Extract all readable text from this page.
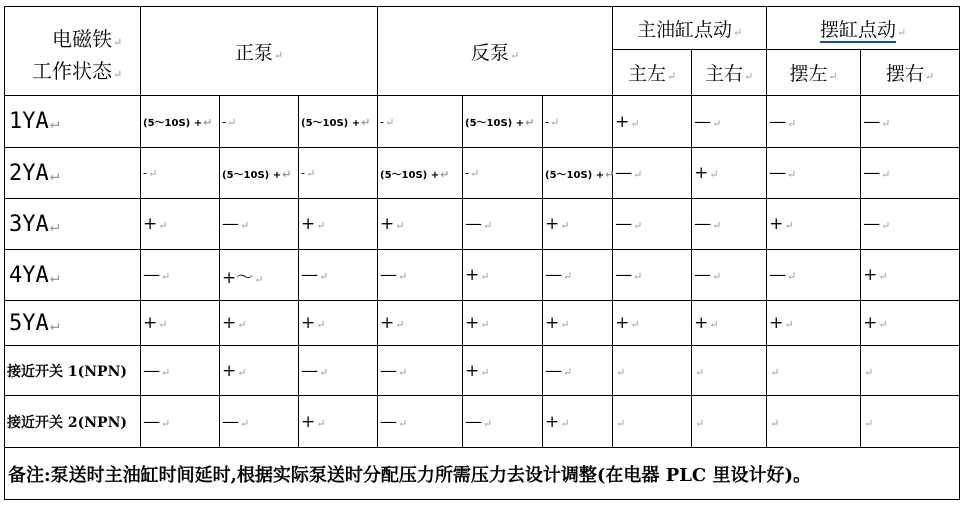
电磁铁↵
工作状态↵	正泵↵			反泵↵			主油缸点动↵		摆缸点动↵	
							主左↵	主右↵	摆左↵	摆右↵
1YA↵	(5～10S) +↵	-↵	(5～10S) +↵	-↵	(5～10S) +↵	-↵	+↵	—↵	—↵	—↵
2YA↵	-↵	(5～10S) +↵	-↵	(5～10S) +↵	-↵	(5～10S) +↵	—↵	+↵	—↵	—↵
3YA↵	+↵	—↵	+↵	+↵	—↵	+↵	—↵	—↵	+↵	—↵
4YA↵	—↵	+～↵	—↵	—↵	+↵	—↵	—↵	—↵	—↵	+↵
5YA↵	+↵	+↵	+↵	+↵	+↵	+↵	+↵	+↵	+↵	+↵
接近开关 1(NPN)	—↵	+↵	—↵	—↵	+↵	—↵	↵	↵	↵	↵
接近开关 2(NPN)	—↵	—↵	+↵	—↵	—↵	+↵	↵	↵	↵	↵
备注:泵送时主油缸时间延时,根据实际泵送时分配压力所需压力去设计调整(在电器 PLC 里设计好)。										
